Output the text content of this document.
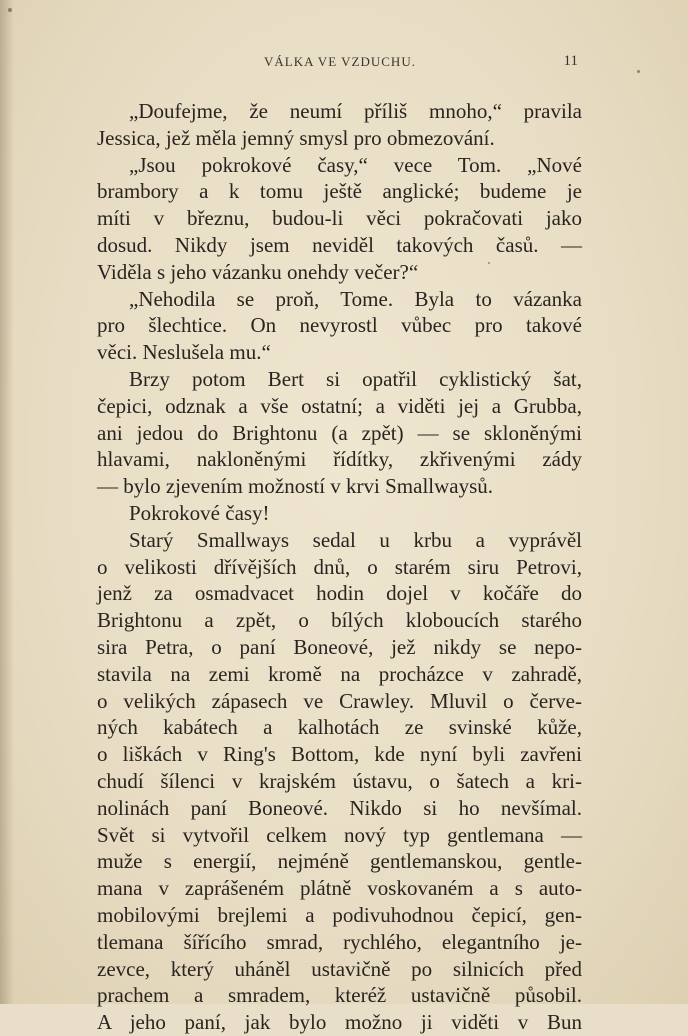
VÁLKA VE VZDUCHU.	11
„Doufejme, že neumí příliš mnoho,“ pravila
Jessica, jež měla jemný smysl pro obmezování.
„Jsou pokrokové časy,“ vece Tom. „Nové
brambory a k tomu ještě anglické; budeme je
míti v březnu, budou-li věci pokračovati jako
dosud. Nikdy jsem neviděl takových časů. —
Viděla s jeho vázanku onehdy večer?“
„Nehodila se proň, Tome. Byla to vázanka
pro šlechtice. On nevyrostl vůbec pro takové
věci. Neslušela mu.“
Brzy potom Bert si opatřil cyklistický šat,
čepici, odznak a vše ostatní; a viděti jej a Grubba,
ani jedou do Brightonu (a zpět) — se skloněnými
hlavami, nakloněnými řídítky, zkřivenými zády
— bylo zjevením možností v krvi Smallwaysů.
Pokrokové časy!
Starý Smallways sedal u krbu a vyprávěl
o velikosti dřívějších dnů, o starém siru Petrovi,
jenž za osmadvacet hodin dojel v kočáře do
Brightonu a zpět, o bílých kloboucích starého
sira Petra, o paní Boneové, jež nikdy se nepo-
stavila na zemi kromě na procházce v zahradě,
o velikých zápasech ve Crawley. Mluvil o červe-
ných kabátech a kalhotách ze svinské kůže,
o liškách v Ring's Bottom, kde nyní byli zavřeni
chudí šílenci v krajském ústavu, o šatech a kri-
nolinách paní Boneové. Nikdo si ho nevšímal.
Svět si vytvořil celkem nový typ gentlemana —
muže s energií, nejméně gentlemanskou, gentle-
mana v zaprášeném plátně voskovaném a s auto-
mobilovými brejlemi a podivuhodnou čepicí, gen-
tlemana šířícího smrad, rychlého, elegantního je-
zevce, který uháněl ustavičně po silnicích před
prachem a smradem, kteréž ustavičně působil.
A jeho paní, jak bylo možno ji viděti v Bun
